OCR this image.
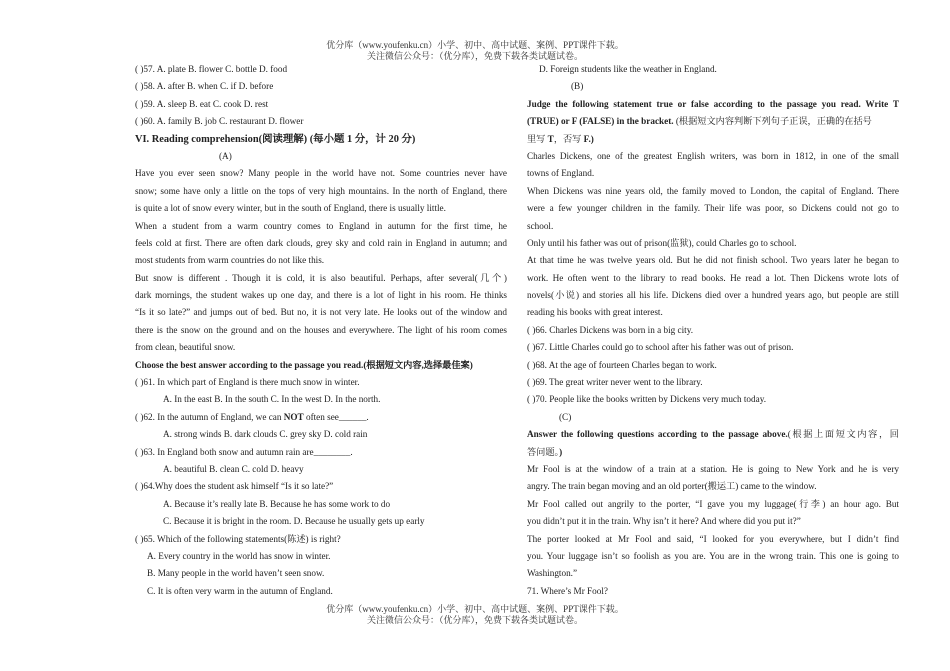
优分库（www.youfenku.cn）小学、初中、高中试题、案例、PPT课件下载。
关注微信公众号：（优分库），免费下载各类试题试卷。
( )57. A. plate B. flower C. bottle D. food
( )58. A. after B. when C. if D. before
( )59. A. sleep B. eat C. cook D. rest
( )60. A. family B. job C. restaurant D. flower
VI. Reading comprehension(阅读理解) (每小题 1 分，计 20 分)
(A)
Have you ever seen snow? Many people in the world have not. Some countries never have
snow; some have only a little on the tops of very high mountains. In the north of England, there
is quite a lot of snow every winter, but in the south of England, there is usually little.
When a student from a warm country comes to England in autumn for the first time, he
feels cold at first. There are often dark clouds, grey sky and cold rain in England in autumn; and
most students from warm countries do not like this.
But snow is different . Though it is cold, it is also beautiful. Perhaps, after several(几个)
dark mornings, the student wakes up one day, and there is a lot of light in his room. He thinks
“Is it so late?” and jumps out of bed. But no, it is not very late. He looks out of the window and
there is the snow on the ground and on the houses and everywhere. The light of his room comes
from clean, beautiful snow.
Choose the best answer according to the passage you read.(根据短文内容,选择最佳案)
( )61. In which part of England is there much snow in winter.
A. In the east B. In the south C. In the west D. In the north.
( )62. In the autumn of England, we can NOT often see______.
A. strong winds B. dark clouds C. grey sky D. cold rain
( )63. In England both snow and autumn rain are________.
A. beautiful B. clean C. cold D. heavy
( )64.Why does the student ask himself “Is it so late?”
A. Because it’s really late B. Because he has some work to do
C. Because it is bright in the room. D. Because he usually gets up early
( )65. Which of the following statements(陈述) is right?
A. Every country in the world has snow in winter.
B. Many people in the world haven’t seen snow.
C. It is often very warm in the autumn of England.
D. Foreign students like the weather in England.
(B)
Judge the following statement true or false according to the passage you read. Write T
(TRUE) or F (FALSE) in the bracket. (根据短文内容判断下列句子正误，正确的在括号
里写 T，否写 F.)
Charles Dickens, one of the greatest English writers, was born in 1812, in one of the small
towns of England.
When Dickens was nine years old, the family moved to London, the capital of England. There
were a few younger children in the family. Their life was poor, so Dickens could not go to
school.
Only until his father was out of prison(监狱), could Charles go to school.
At that time he was twelve years old. But he did not finish school. Two years later he began to
work. He often went to the library to read books. He read a lot. Then Dickens wrote lots of
novels(小说) and stories all his life. Dickens died over a hundred years ago, but people are still
reading his books with great interest.
( )66. Charles Dickens was born in a big city.
( )67. Little Charles could go to school after his father was out of prison.
( )68. At the age of fourteen Charles began to work.
( )69. The great writer never went to the library.
( )70. People like the books written by Dickens very much today.
(C)
Answer the following questions according to the passage above.(根据上面短文内容，回
答问题。)
Mr Fool is at the window of a train at a station. He is going to New York and he is very
angry. The train began moving and an old porter(搬运工) came to the window.
Mr Fool called out angrily to the porter, “I gave you my luggage(行李) an hour ago. But
you didn’t put it in the train. Why isn’t it here? And where did you put it?”
The porter looked at Mr Fool and said, “I looked for you everywhere, but I didn’t find
you. Your luggage isn’t so foolish as you are. You are in the wrong train. This one is going to
Washington.”
71. Where’s Mr Fool?
优分库（www.youfenku.cn）小学、初中、高中试题、案例、PPT课件下载。
关注微信公众号：（优分库），免费下载各类试题试卷。
